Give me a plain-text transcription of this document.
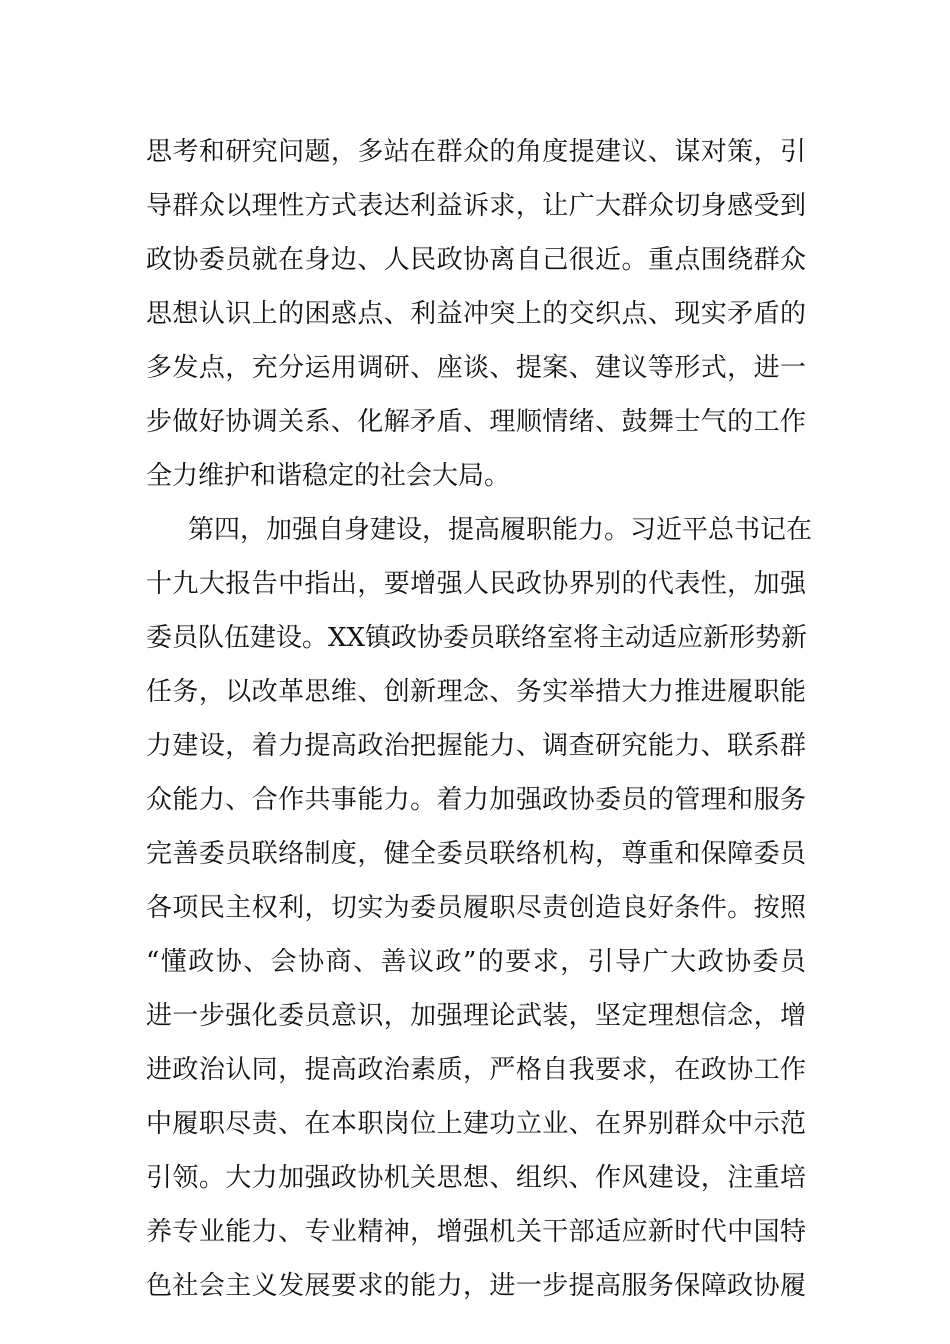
思考和研究问题，多站在群众的角度提建议、谋对策，引
导群众以理性方式表达利益诉求，让广大群众切身感受到
政协委员就在身边、人民政协离自己很近。重点围绕群众
思想认识上的困惑点、利益冲突上的交织点、现实矛盾的
多发点，充分运用调研、座谈、提案、建议等形式，进一
步做好协调关系、化解矛盾、理顺情绪、鼓舞士气的工作
全力维护和谐稳定的社会大局。
第四，加强自身建设，提高履职能力。习近平总书记在
十九大报告中指出，要增强人民政协界别的代表性，加强
委员队伍建设。XX镇政协委员联络室将主动适应新形势新
任务，以改革思维、创新理念、务实举措大力推进履职能
力建设，着力提高政治把握能力、调查研究能力、联系群
众能力、合作共事能力。着力加强政协委员的管理和服务
完善委员联络制度，健全委员联络机构，尊重和保障委员
各项民主权利，切实为委员履职尽责创造良好条件。按照
“懂政协、会协商、善议政”的要求，引导广大政协委员
进一步强化委员意识，加强理论武装，坚定理想信念，增
进政治认同，提高政治素质，严格自我要求，在政协工作
中履职尽责、在本职岗位上建功立业、在界别群众中示范
引领。大力加强政协机关思想、组织、作风建设，注重培
养专业能力、专业精神，增强机关干部适应新时代中国特
色社会主义发展要求的能力，进一步提高服务保障政协履
